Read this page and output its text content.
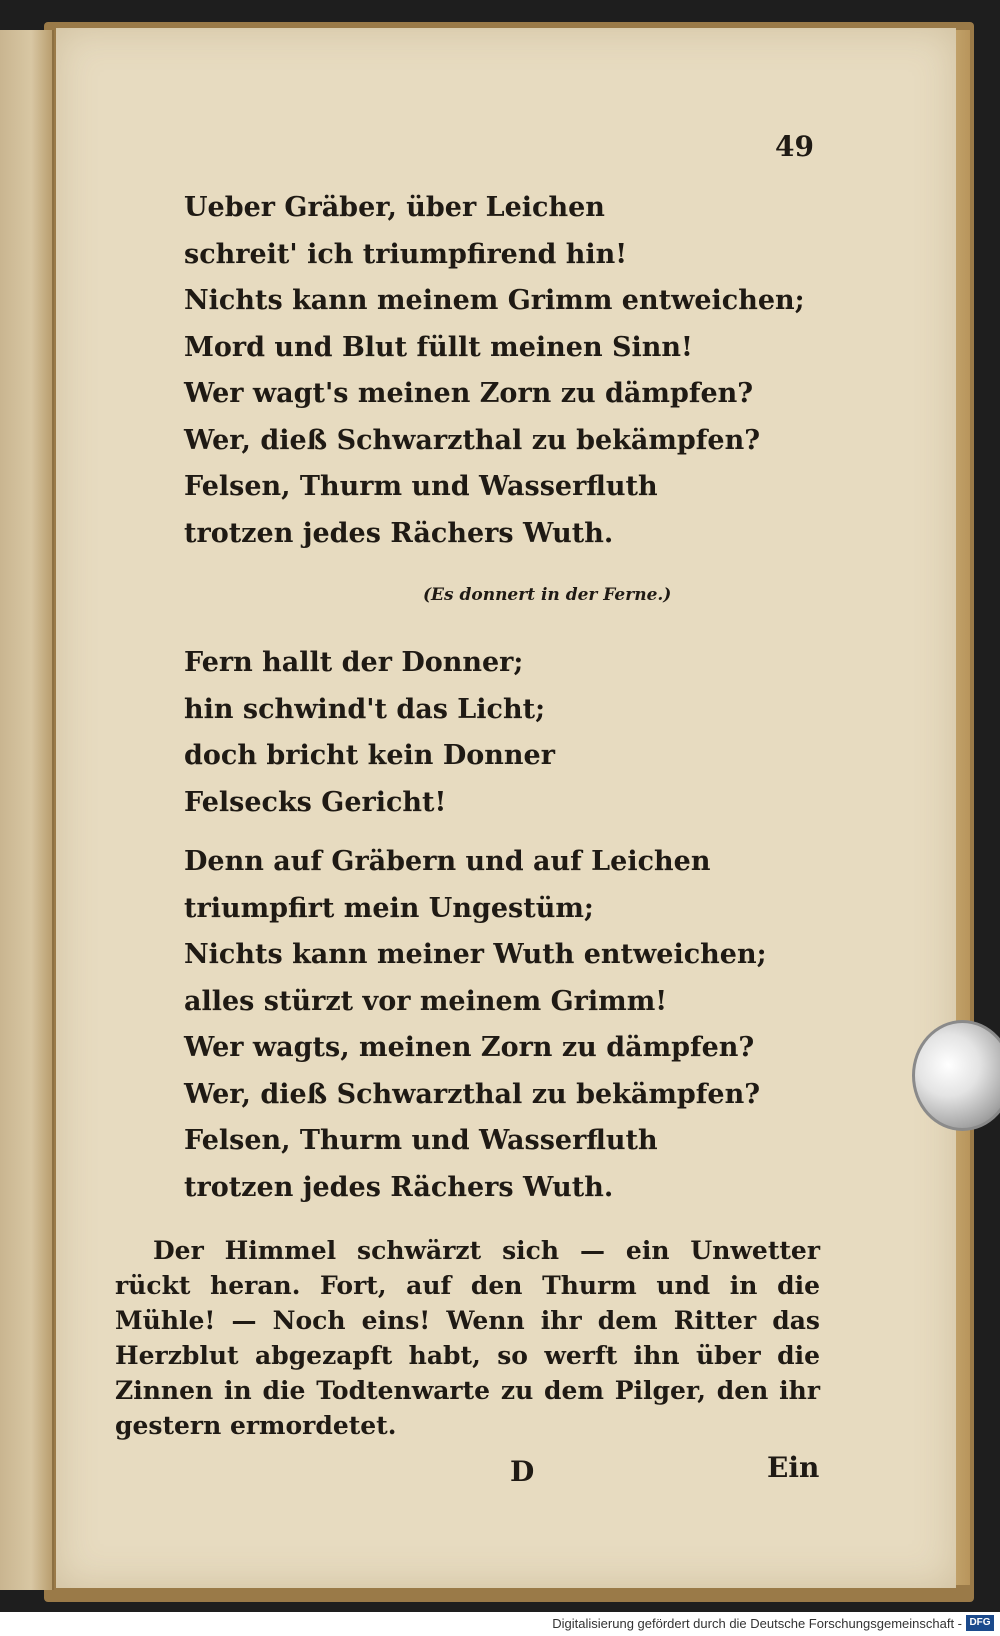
49
Ueber Gräber, über Leichen
schreit' ich triumpfirend hin!
Nichts kann meinem Grimm entweichen;
Mord und Blut füllt meinen Sinn!
Wer wagt's meinen Zorn zu dämpfen?
Wer, dieß Schwarzthal zu bekämpfen?
Felsen, Thurm und Wasserfluth
trotzen jedes Rächers Wuth.
(Es donnert in der Ferne.)
Fern hallt der Donner;
hin schwind't das Licht;
doch bricht kein Donner
Felsecks Gericht!
Denn auf Gräbern und auf Leichen
triumpfirt mein Ungestüm;
Nichts kann meiner Wuth entweichen;
alles stürzt vor meinem Grimm!
Wer wagts, meinen Zorn zu dämpfen?
Wer, dieß Schwarzthal zu bekämpfen?
Felsen, Thurm und Wasserfluth
trotzen jedes Rächers Wuth.

Der Himmel schwärzt sich — ein Unwetter rückt heran. Fort, auf den Thurm und in die Mühle! — Noch eins! Wenn ihr dem Ritter das Herzblut abgezapft habt, so werft ihn über die Zinnen in die Todtenwarte zu dem Pilger, den ihr gestern ermordetet.

D	Ein
Digitalisierung gefördert durch die Deutsche Forschungsgemeinschaft - DFG
